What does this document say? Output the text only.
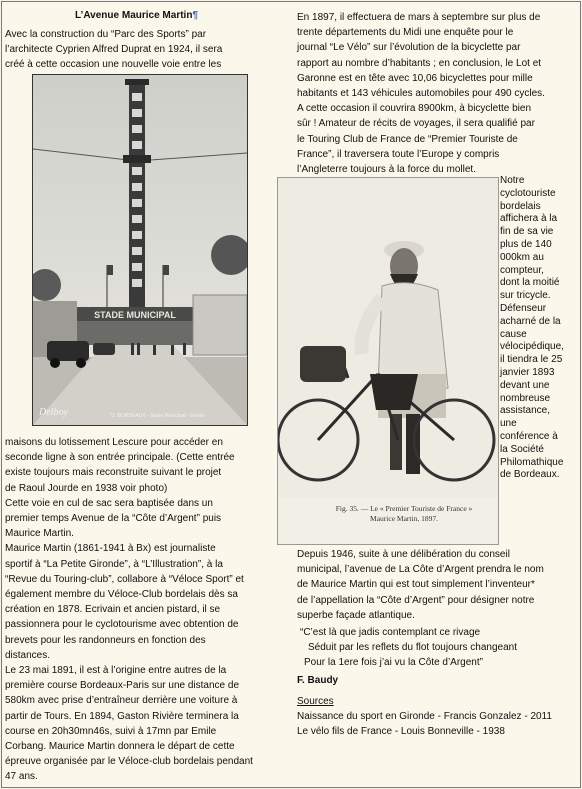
L’Avenue Maurice Martin¶

Avec la construction du “Parc des Sports” par

l’architecte Cyprien Alfred Duprat en 1924, il sera

créé à cette occasion une nouvelle voie entre les

STADE MUNICIPAL
Delboy	72. BORDEAUX - Stade Municipal - Entrée

maisons du lotissement Lescure pour accéder en

seconde ligne à son entrée principale. (Cette entrée

existe toujours mais reconstruite suivant le projet

de Raoul Jourde en 1938 voir photo)

Cette voie en cul de sac sera baptisée dans un

premier temps Avenue de la “Côte d’Argent” puis

Maurice Martin.

Maurice Martin (1861-1941 à Bx) est journaliste

sportif à “La Petite Gironde”, à “L’Illustration”, à la

“Revue du Touring-club”, collabore à “Véloce Sport” et

également membre du Véloce-Club bordelais dès sa

création en 1878. Ecrivain et ancien pistard, il se

passionnera pour le cyclotourisme avec obtention de

brevets pour les randonneurs en fonction des

distances.

Le 23 mai 1891, il est à l’origine entre autres de la

première course Bordeaux-Paris sur une distance de

580km avec prise d’entraîneur derrière une voiture à

partir de Tours. En 1894, Gaston Rivière terminera la

course en 20h30mn46s, suivi à 17mn par Emile

Corbang. Maurice Martin donnera le départ de cette

épreuve organisée par le Véloce-club bordelais pendant

47 ans.

En 1897, il effectuera de mars à septembre sur plus de

trente départements du Midi une enquête pour le

journal “Le Vélo” sur l’évolution de la bicyclette par

rapport au nombre d’habitants ; en conclusion, le Lot et

Garonne est en tête avec 10,06 bicyclettes pour mille

habitants et 143 véhicules automobiles pour 490 cycles.

A cette occasion il couvrira 8900km, à bicyclette bien

sûr ! Amateur de récits de voyages, il sera qualifié par

le Touring Club de France de “Premier Touriste de

France”, il traversera toute l’Europe y compris

l’Angleterre toujours à la force du mollet.

Fig. 35. — Le « Premier Touriste de France »
Maurice Martin, 1897.

Notre

cyclotouriste

bordelais

affichera à la

fin de sa vie

plus de 140

000km au

compteur,

dont la moitié

sur tricycle.

Défenseur

acharné de la

cause

vélocipédique,

il tiendra le 25

janvier 1893

devant une

nombreuse

assistance,

une

conférence à

la Société

Philomathique

de Bordeaux.

Depuis 1946, suite à une délibération du conseil

municipal, l’avenue de La Côte d’Argent prendra le nom

de Maurice Martin qui est tout simplement l’inventeur*

de l’appellation la “Côte d’Argent” pour désigner notre

superbe façade atlantique.

“C’est là que jadis contemplant ce rivage

Séduit par les reflets du flot toujours changeant

Pour la 1ere fois j’ai vu la Côte d’Argent”

F. Baudy

Sources

Naissance du sport en Gironde - Francis Gonzalez - 2011

Le vélo fils de France - Louis Bonneville - 1938
